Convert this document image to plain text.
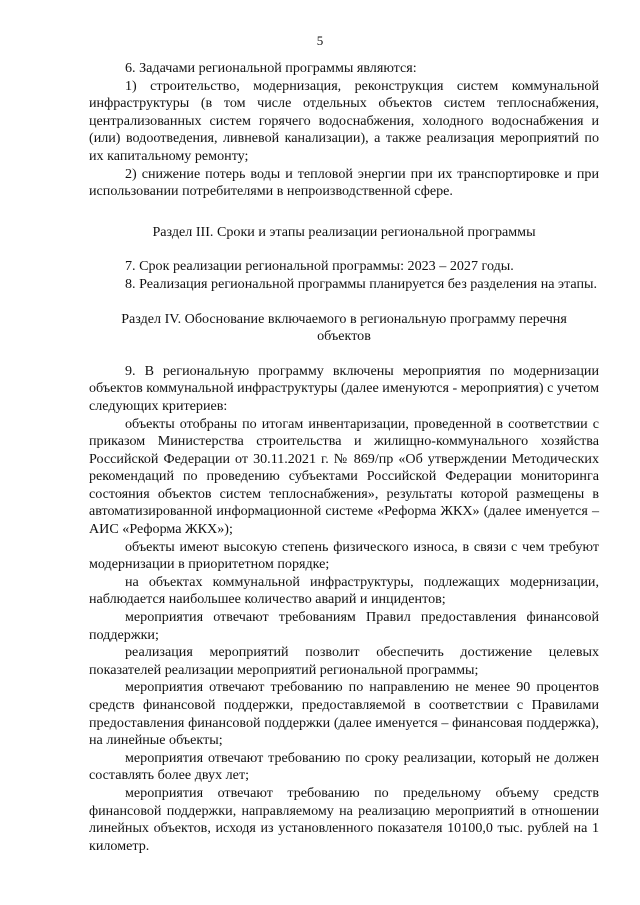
5

6. Задачами региональной программы являются:

1) строительство, модернизация, реконструкция систем коммунальной инфраструктуры (в том числе отдельных объектов систем теплоснабжения, централизованных систем горячего водоснабжения, холодного водоснабжения и (или) водоотведения, ливневой канализации), а также реализация мероприятий по их капитальному ремонту;

2) снижение потерь воды и тепловой энергии при их транспортировке и при использовании потребителями в непроизводственной сфере.

Раздел III. Сроки и этапы реализации региональной программы

7. Срок реализации региональной программы: 2023 – 2027 годы.

8. Реализация региональной программы планируется без разделения на этапы.

Раздел IV. Обоснование включаемого в региональную программу перечня объектов

9. В региональную программу включены мероприятия по модернизации объектов коммунальной инфраструктуры (далее именуются - мероприятия) с учетом следующих критериев:

объекты отобраны по итогам инвентаризации, проведенной в соответствии с приказом Министерства строительства и жилищно-коммунального хозяйства Российской Федерации от 30.11.2021 г. № 869/пр «Об утверждении Методических рекомендаций по проведению субъектами Российской Федерации мониторинга состояния объектов систем теплоснабжения», результаты которой размещены в автоматизированной информационной системе «Реформа ЖКХ» (далее именуется – АИС «Реформа ЖКХ»);

объекты имеют высокую степень физического износа, в связи с чем требуют модернизации в приоритетном порядке;

на объектах коммунальной инфраструктуры, подлежащих модернизации, наблюдается наибольшее количество аварий и инцидентов;

мероприятия отвечают требованиям Правил предоставления финансовой поддержки;

реализация мероприятий позволит обеспечить достижение целевых показателей реализации мероприятий региональной программы;

мероприятия отвечают требованию по направлению не менее 90 процентов средств финансовой поддержки, предоставляемой в соответствии с Правилами предоставления финансовой поддержки (далее именуется – финансовая поддержка), на линейные объекты;

мероприятия отвечают требованию по сроку реализации, который не должен составлять более двух лет;

мероприятия отвечают требованию по предельному объему средств финансовой поддержки, направляемому на реализацию мероприятий в отношении линейных объектов, исходя из установленного показателя 10100,0 тыс. рублей на 1 километр.
